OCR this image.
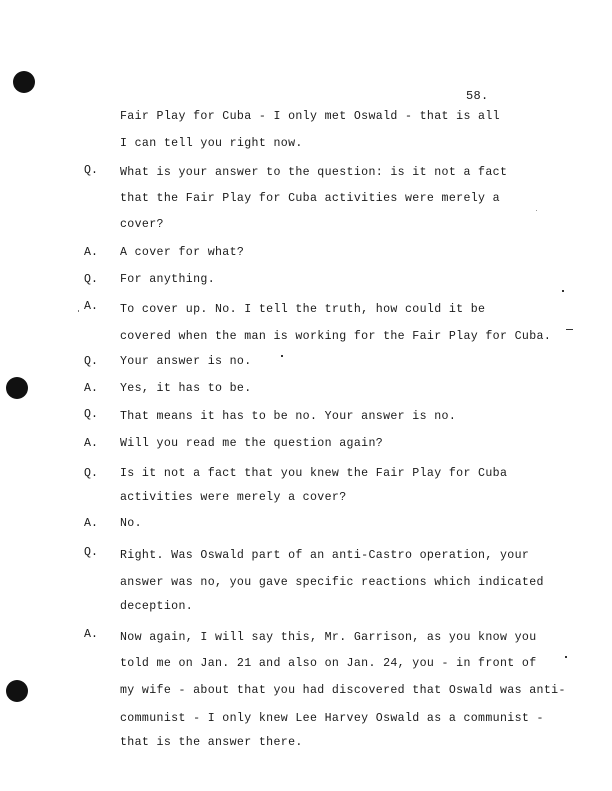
58.
Fair Play for Cuba - I only met Oswald - that is all
I can tell you right now.
Q. What is your answer to the question: is it not a fact
that the Fair Play for Cuba activities were merely a
cover?
A. A cover for what?
Q. For anything.
A. To cover up. No. I tell the truth, how could it be
covered when the man is working for the Fair Play for Cuba.
Q. Your answer is no.
A. Yes, it has to be.
Q. That means it has to be no. Your answer is no.
A. Will you read me the question again?
Q. Is it not a fact that you knew the Fair Play for Cuba
activities were merely a cover?
A. No.
Q. Right. Was Oswald part of an anti-Castro operation, your
answer was no, you gave specific reactions which indicated
deception.
A. Now again, I will say this, Mr. Garrison, as you know you
told me on Jan. 21 and also on Jan. 24, you - in front of
my wife - about that you had discovered that Oswald was anti-
communist - I only knew Lee Harvey Oswald as a communist -
that is the answer there.
